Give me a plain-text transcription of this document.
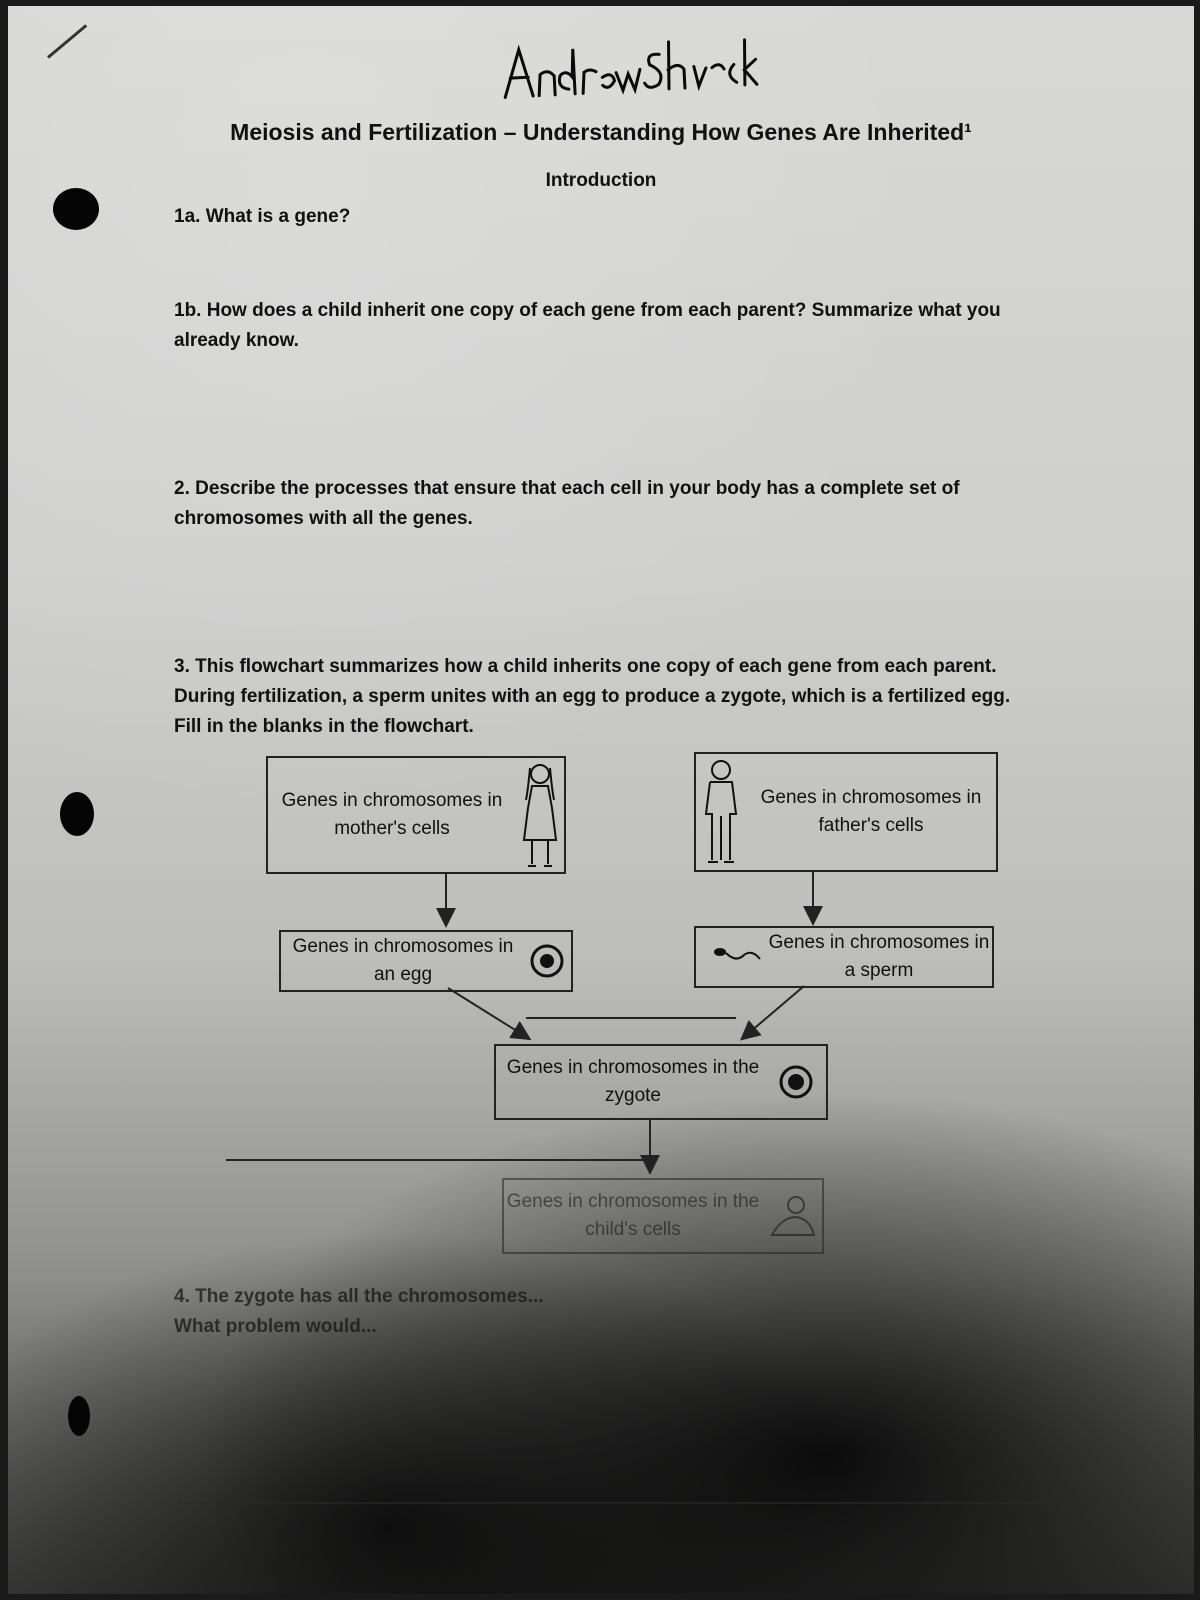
Meiosis and Fertilization – Understanding How Genes Are Inherited¹
Introduction
1a. What is a gene?
1b. How does a child inherit one copy of each gene from each parent? Summarize what you already know.
2. Describe the processes that ensure that each cell in your body has a complete set of chromosomes with all the genes.
3. This flowchart summarizes how a child inherits one copy of each gene from each parent.
During fertilization, a sperm unites with an egg to produce a zygote, which is a fertilized egg.
Fill in the blanks in the flowchart.
Genes in chromosomes in mother's cells
Genes in chromosomes in father's cells
Genes in chromosomes in an egg
Genes in chromosomes in a sperm
Genes in chromosomes in the zygote
Genes in chromosomes in the child's cells
4. The zygote has all the chromosomes...
What problem would...
